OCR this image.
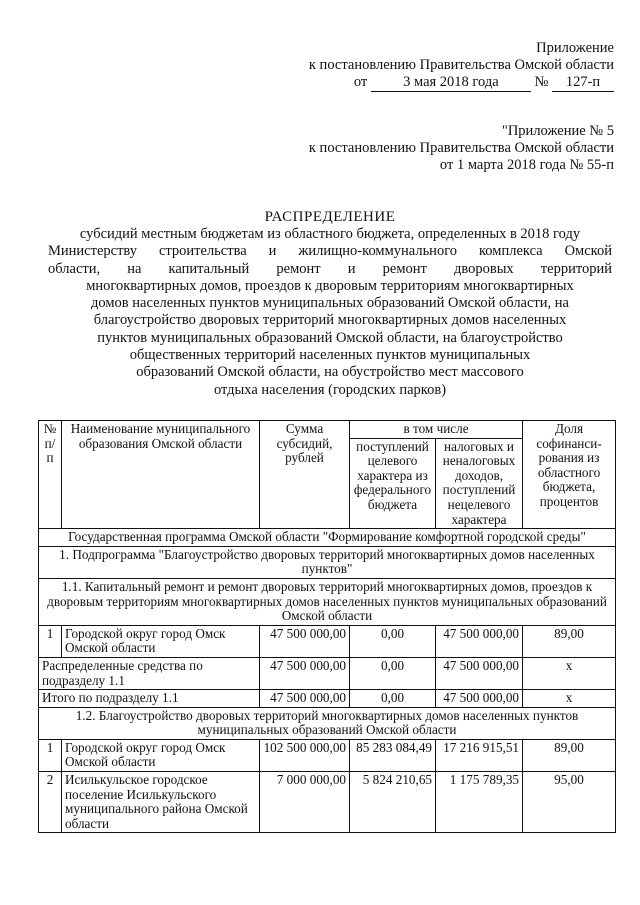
Приложение
к постановлению Правительства Омской области
от 3 мая 2018 года № 127-п
"Приложение № 5
к постановлению Правительства Омской области
от 1 марта 2018 года № 55-п
РАСПРЕДЕЛЕНИЕ
субсидий местным бюджетам из областного бюджета, определенных в 2018 году
Министерству строительства и жилищно-коммунального комплекса Омской
области, на капитальный ремонт и ремонт дворовых территорий
многоквартирных домов, проездов к дворовым территориям многоквартирных
домов населенных пунктов муниципальных образований Омской области, на
благоустройство дворовых территорий многоквартирных домов населенных
пунктов муниципальных образований Омской области, на благоустройство
общественных территорий населенных пунктов муниципальных
образований Омской области, на обустройство мест массового
отдыха населения (городских парков)
№ п/п	Наименование муниципального образования Омской области	Сумма субсидий, рублей	в том числе		Доля софинанси-рования из областного бюджета, процентов
			поступлений целевого характера из федерального бюджета	налоговых и неналоговых доходов, поступлений нецелевого характера	
Государственная программа Омской области "Формирование комфортной городской среды"					
1. Подпрограмма "Благоустройство дворовых территорий многоквартирных домов населенных пунктов"					
1.1. Капитальный ремонт и ремонт дворовых территорий многоквартирных домов, проездов к дворовым территориям многоквартирных домов населенных пунктов муниципальных образований Омской области					
1	Городской округ город Омск Омской области	47 500 000,00	0,00	47 500 000,00	89,00
Распределенные средства по подразделу 1.1		47 500 000,00	0,00	47 500 000,00	x
Итого по подразделу 1.1		47 500 000,00	0,00	47 500 000,00	x
1.2. Благоустройство дворовых территорий многоквартирных домов населенных пунктов муниципальных образований Омской области					
1	Городской округ город Омск Омской области	102 500 000,00	85 283 084,49	17 216 915,51	89,00
2	Исилькульское городское поселение Исилькульского муниципального района Омской области	7 000 000,00	5 824 210,65	1 175 789,35	95,00
